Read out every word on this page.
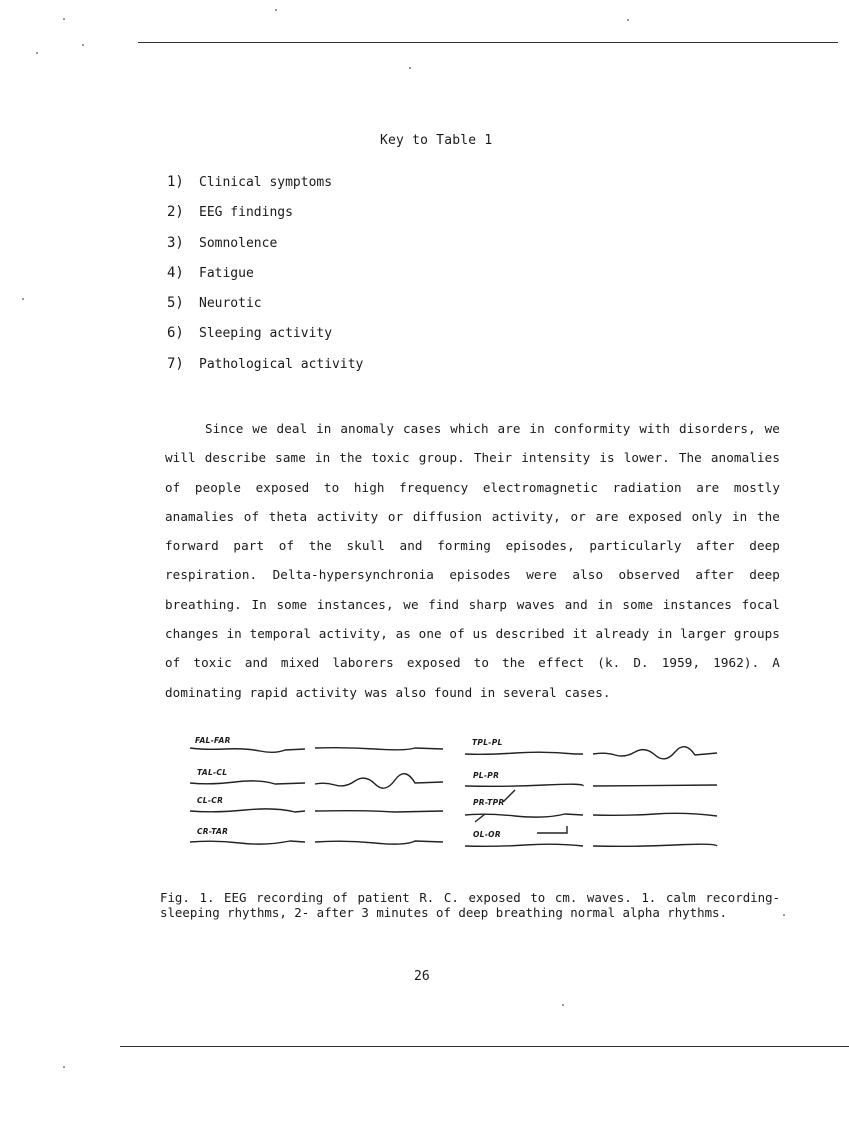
Key to Table 1
1) Clinical symptoms
2) EEG findings
3) Somnolence
4) Fatigue
5) Neurotic
6) Sleeping activity
7) Pathological activity

Since we deal in anomaly cases which are in conformity with disorders, we will describe same in the toxic group. Their intensity is lower. The anomalies of people exposed to high frequency electromagnetic radiation are mostly anamalies of theta activity or diffusion activity, or are exposed only in the forward part of the skull and forming episodes, particularly after deep respiration. Delta-hypersynchronia episodes were also observed after deep breathing. In some instances, we find sharp waves and in some instances focal changes in temporal activity, as one of us described it already in larger groups of toxic and mixed laborers exposed to the effect (k. D. 1959, 1962). A dominating rapid activity was also found in several cases.

FAL-FAR
TAL-CL
CL-CR
CR-TAR
TPL-PL
PL-PR
PR-TPR
OL-OR

Fig. 1. EEG recording of patient R. C. exposed to cm. waves. 1. calm recording-sleeping rhythms, 2- after 3 minutes of deep breathing normal alpha rhythms.

26
